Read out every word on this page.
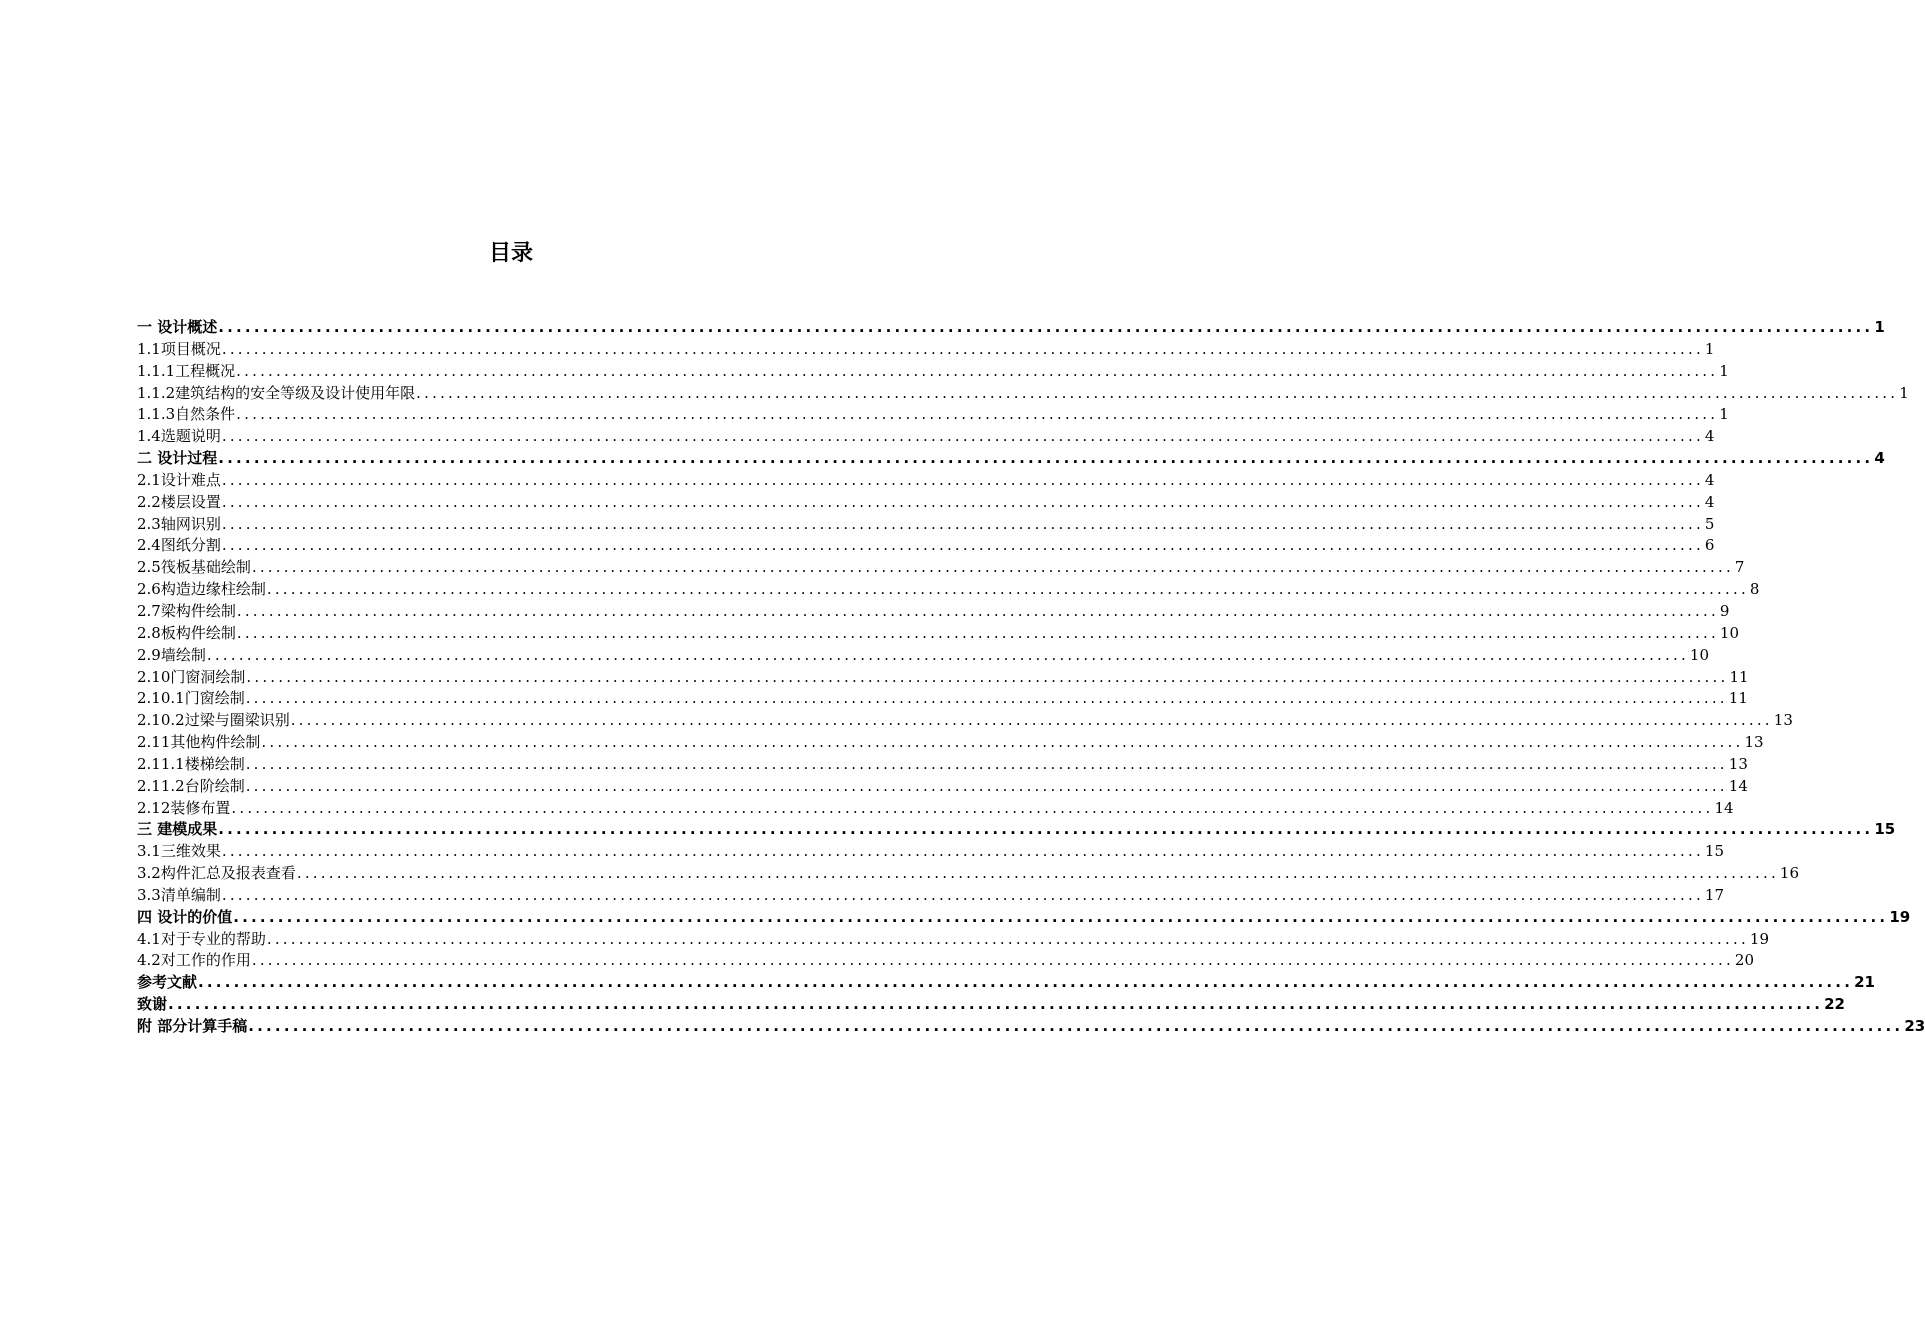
目录
一 设计概述 .......................................................................................................................................................................................... 1
1.1项目概况 .......................................................................................................................................................................................... 1
1.1.1工程概况 .......................................................................................................................................................................................... 1
1.1.2建筑结构的安全等级及设计使用年限 .......................................................................................................................................................................................... 1
1.1.3自然条件 .......................................................................................................................................................................................... 1
1.4选题说明 .......................................................................................................................................................................................... 4
二 设计过程 .......................................................................................................................................................................................... 4
2.1设计难点 .......................................................................................................................................................................................... 4
2.2楼层设置 .......................................................................................................................................................................................... 4
2.3轴网识别 .......................................................................................................................................................................................... 5
2.4图纸分割 .......................................................................................................................................................................................... 6
2.5筏板基础绘制 .......................................................................................................................................................................................... 7
2.6构造边缘柱绘制 .......................................................................................................................................................................................... 8
2.7梁构件绘制 .......................................................................................................................................................................................... 9
2.8板构件绘制 .......................................................................................................................................................................................... 10
2.9墙绘制 .......................................................................................................................................................................................... 10
2.10门窗洞绘制 .......................................................................................................................................................................................... 11
2.10.1门窗绘制 .......................................................................................................................................................................................... 11
2.10.2过梁与圈梁识别 .......................................................................................................................................................................................... 13
2.11其他构件绘制 .......................................................................................................................................................................................... 13
2.11.1楼梯绘制 .......................................................................................................................................................................................... 13
2.11.2台阶绘制 .......................................................................................................................................................................................... 14
2.12装修布置 .......................................................................................................................................................................................... 14
三 建模成果 .......................................................................................................................................................................................... 15
3.1三维效果 .......................................................................................................................................................................................... 15
3.2构件汇总及报表查看 .......................................................................................................................................................................................... 16
3.3清单编制 .......................................................................................................................................................................................... 17
四 设计的价值 .......................................................................................................................................................................................... 19
4.1对于专业的帮助 .......................................................................................................................................................................................... 19
4.2对工作的作用 .......................................................................................................................................................................................... 20
参考文献 .......................................................................................................................................................................................... 21
致谢 .......................................................................................................................................................................................... 22
附 部分计算手稿 .......................................................................................................................................................................................... 23
